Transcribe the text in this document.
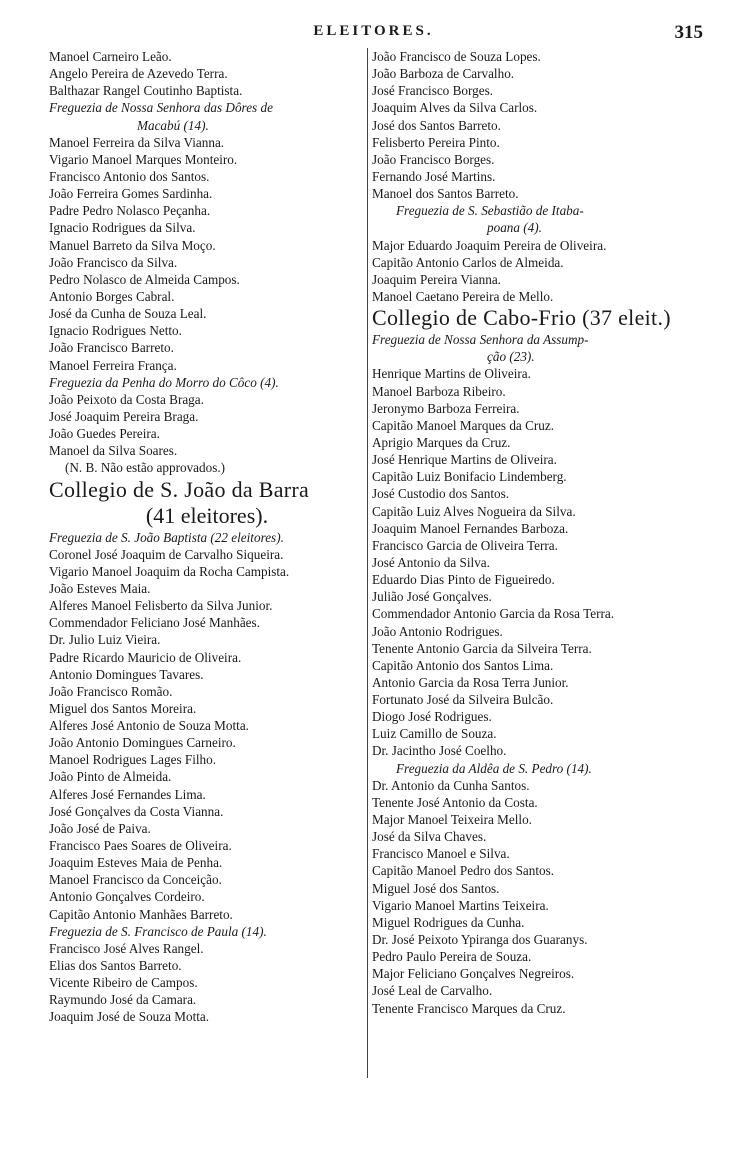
ELEITORES.	315
Manoel Carneiro Leão.
Angelo Pereira de Azevedo Terra.
Balthazar Rangel Coutinho Baptista.
Freguezia de Nossa Senhora das Dôres de
Macabú (14).
Manoel Ferreira da Silva Vianna.
Vigario Manoel Marques Monteiro.
Francisco Antonio dos Santos.
João Ferreira Gomes Sardinha.
Padre Pedro Nolasco Peçanha.
Ignacio Rodrigues da Silva.
Manuel Barreto da Silva Moço.
João Francisco da Silva.
Pedro Nolasco de Almeida Campos.
Antonio Borges Cabral.
José da Cunha de Souza Leal.
Ignacio Rodrigues Netto.
João Francisco Barreto.
Manoel Ferreira França.
Freguezia da Penha do Morro do Côco (4).
João Peixoto da Costa Braga.
José Joaquim Pereira Braga.
João Guedes Pereira.
Manoel da Silva Soares.
(N. B. Não estão approvados.)
Collegio de S. João da Barra
(41 eleitores).
Freguezia de S. João Baptista (22 eleitores).
Coronel José Joaquim de Carvalho Siqueira.
Vigario Manoel Joaquim da Rocha Campista.
João Esteves Maia.
Alferes Manoel Felisberto da Silva Junior.
Commendador Feliciano José Manhães.
Dr. Julio Luiz Vieira.
Padre Ricardo Mauricio de Oliveira.
Antonio Domingues Tavares.
João Francisco Romão.
Miguel dos Santos Moreira.
Alferes José Antonio de Souza Motta.
João Antonio Domingues Carneiro.
Manoel Rodrigues Lages Filho.
João Pinto de Almeida.
Alferes José Fernandes Lima.
José Gonçalves da Costa Vianna.
João José de Paiva.
Francisco Paes Soares de Oliveira.
Joaquim Esteves Maia de Penha.
Manoel Francisco da Conceição.
Antonio Gonçalves Cordeiro.
Capitão Antonio Manhães Barreto.
Freguezia de S. Francisco de Paula (14).
Francisco José Alves Rangel.
Elias dos Santos Barreto.
Vicente Ribeiro de Campos.
Raymundo José da Camara.
Joaquim José de Souza Motta.
João Francisco de Souza Lopes.
João Barboza de Carvalho.
José Francisco Borges.
Joaquim Alves da Silva Carlos.
José dos Santos Barreto.
Felisberto Pereira Pinto.
João Francisco Borges.
Fernando José Martins.
Manoel dos Santos Barreto.
Freguezia de S. Sebastião de Itaba-
poana (4).
Major Eduardo Joaquim Pereira de Oliveira.
Capitão Antonio Carlos de Almeida.
Joaquim Pereira Vianna.
Manoel Caetano Pereira de Mello.
Collegio de Cabo-Frio (37 eleit.)
Freguezia de Nossa Senhora da Assump-
ção (23).
Henrique Martins de Oliveira.
Manoel Barboza Ribeiro.
Jeronymo Barboza Ferreira.
Capitão Manoel Marques da Cruz.
Aprigio Marques da Cruz.
José Henrique Martins de Oliveira.
Capitão Luiz Bonifacio Lindemberg.
José Custodio dos Santos.
Capitão Luiz Alves Nogueira da Silva.
Joaquim Manoel Fernandes Barboza.
Francisco Garcia de Oliveira Terra.
José Antonio da Silva.
Eduardo Dias Pinto de Figueiredo.
Julião José Gonçalves.
Commendador Antonio Garcia da Rosa Terra.
João Antonio Rodrigues.
Tenente Antonio Garcia da Silveira Terra.
Capitão Antonio dos Santos Lima.
Antonio Garcia da Rosa Terra Junior.
Fortunato José da Silveira Bulcão.
Diogo José Rodrigues.
Luiz Camillo de Souza.
Dr. Jacintho José Coelho.
Freguezia da Aldêa de S. Pedro (14).
Dr. Antonio da Cunha Santos.
Tenente José Antonio da Costa.
Major Manoel Teixeira Mello.
José da Silva Chaves.
Francisco Manoel e Silva.
Capitão Manoel Pedro dos Santos.
Miguel José dos Santos.
Vigario Manoel Martins Teixeira.
Miguel Rodrigues da Cunha.
Dr. José Peixoto Ypiranga dos Guaranys.
Pedro Paulo Pereira de Souza.
Major Feliciano Gonçalves Negreiros.
José Leal de Carvalho.
Tenente Francisco Marques da Cruz.
